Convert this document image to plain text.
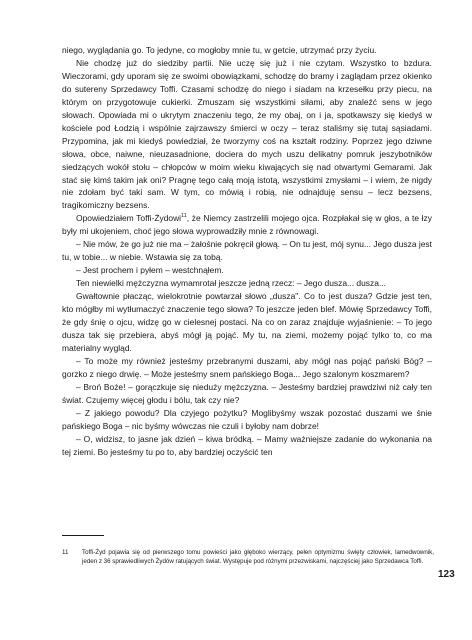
niego, wyglądania go. To jedyne, co mogłoby mnie tu, w getcie, utrzymać przy życiu.

Nie chodzę już do siedziby partii. Nie uczę się już i nie czytam. Wszystko to bzdura. Wieczorami, gdy uporam się ze swoimi obowiązkami, schodzę do bramy i zaglądam przez okienko do sutereny Sprzedawcy Toffi. Czasami schodzę do niego i siadam na krzesełku przy piecu, na którym on przygotowuje cukierki. Zmuszam się wszystkimi siłami, aby znaleźć sens w jego słowach. Opowiada mi o ukrytym znaczeniu tego, że my obaj, on i ja, spotkawszy się kiedyś w kościele pod Łodzią i wspólnie zajrzawszy śmierci w oczy – teraz staliśmy się tutaj sąsiadami. Przypomina, jak mi kiedyś powiedział, że tworzymy coś na kształt rodziny. Poprzez jego dziwne słowa, obce, naiwne, nieuzasadnione, dociera do mych uszu delikatny pomruk jeszybotników siedzących wokół stołu – chłopców w moim wieku kiwających się nad otwartymi Gemarami. Jak stać się kimś takim jak oni? Pragnę tego całą moją istotą, wszystkimi zmysłami – i wiem, że nigdy nie zdołam być taki sam. W tym, co mówią i robią, nie odnajduję sensu – lecz bezsens, tragikomiczny bezsens.

Opowiedziałem Toffi-Żydowi$^{11}$, że Niemcy zastrzelili mojego ojca. Rozpłakał się w głos, a te łzy były mi ukojeniem, choć jego słowa wyprowadziły mnie z równowagi.

– Nie mów, że go już nie ma – żałośnie pokręcił głową. – On tu jest, mój synu... Jego dusza jest tu, w tobie... w niebie. Wstawia się za tobą.

– Jest prochem i pyłem – westchnąłem.

Ten niewielki mężczyzna wymamrotał jeszcze jedną rzecz: – Jego dusza... dusza...

Gwałtownie płacząc, wielokrotnie powtarzał słowo „dusza". Co to jest dusza? Gdzie jest ten, kto mógłby mi wytłumaczyć znaczenie tego słowa? To jeszcze jeden blef. Mówię Sprzedawcy Toffi, że gdy śnię o ojcu, widzę go w cielesnej postaci. Na co on zaraz znajduje wyjaśnienie: – To jego dusza tak się przebiera, abyś mógł ją pojąć. My tu, na ziemi, możemy pojąć tylko to, co ma materialny wygląd.

– To może my również jesteśmy przebranymi duszami, aby mógł nas pojąć pański Bóg? – gorzko z niego drwię. – Może jesteśmy snem pańskiego Boga... Jego szalonym koszmarem?

– Broń Boże! – gorączkuje się nieduży mężczyzna. – Jesteśmy bardziej prawdziwi niż cały ten świat. Czujemy więcej głodu i bólu, tak czy nie?

– Z jakiego powodu? Dla czyjego pożytku? Moglibyśmy wszak pozostać duszami we śnie pańskiego Boga – nic byśmy wówczas nie czuli i byłoby nam dobrze!

– O, widzisz, to jasne jak dzień – kiwa bródką. – Mamy ważniejsze zadanie do wykonania na tej ziemi. Bo jesteśmy tu po to, aby bardziej oczyścić ten

11 Toffi-Żyd pojawia się od pierwszego tomu powieści jako głęboko wierzący, pełen optymizmu święty człowiek, lamedwownik, jeden z 36 sprawiedliwych Żydów ratujących świat. Występuje pod różnymi przezwiskami, najczęściej jako Sprzedawca Toffi.
123
